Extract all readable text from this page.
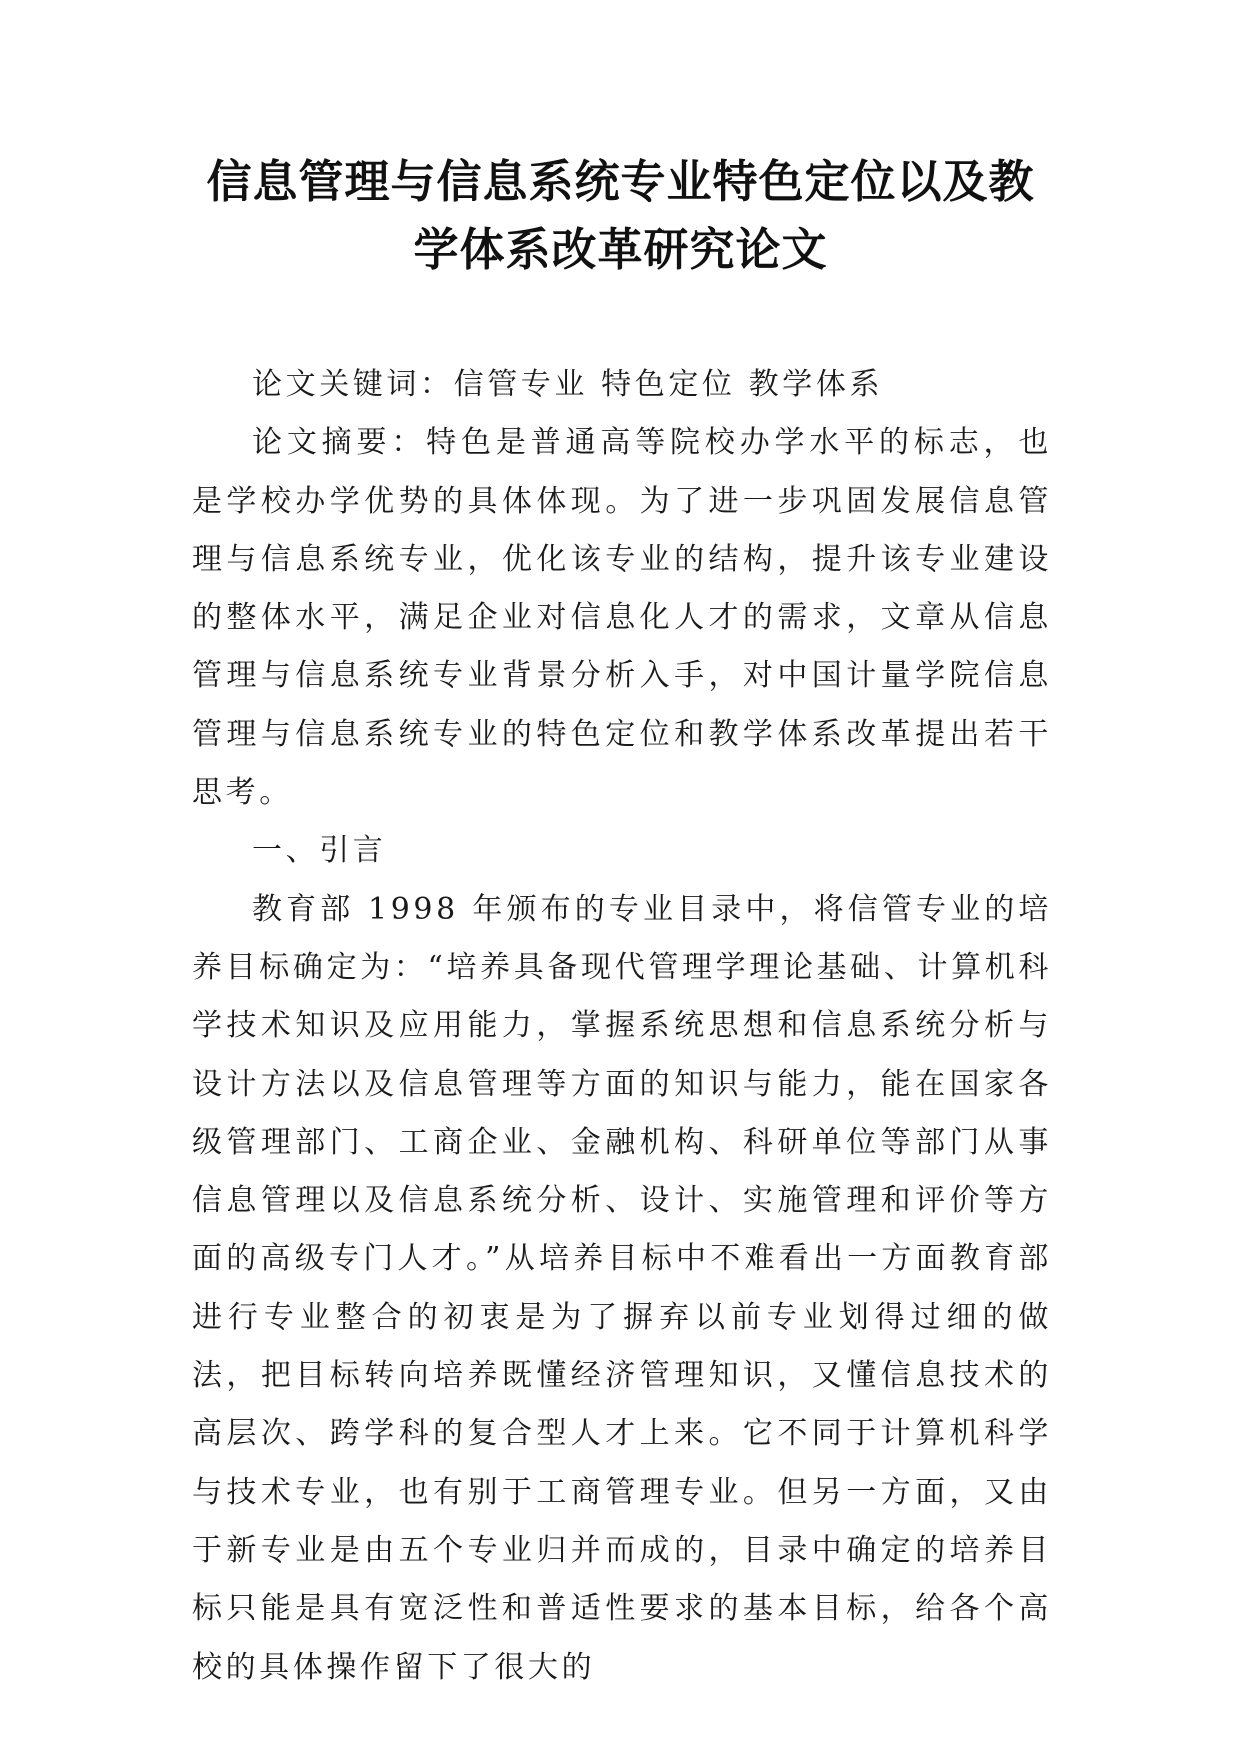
信息管理与信息系统专业特色定位以及教
学体系改革研究论文

论文关键词：信管专业 特色定位 教学体系

论文摘要：特色是普通高等院校办学水平的标志，也是学校办学优势的具体体现。为了进一步巩固发展信息管理与信息系统专业，优化该专业的结构，提升该专业建设的整体水平，满足企业对信息化人才的需求，文章从信息管理与信息系统专业背景分析入手，对中国计量学院信息管理与信息系统专业的特色定位和教学体系改革提出若干思考。

一、引言

教育部 1998 年颁布的专业目录中，将信管专业的培养目标确定为：“培养具备现代管理学理论基础、计算机科学技术知识及应用能力，掌握系统思想和信息系统分析与设计方法以及信息管理等方面的知识与能力，能在国家各级管理部门、工商企业、金融机构、科研单位等部门从事信息管理以及信息系统分析、设计、实施管理和评价等方面的高级专门人才。”从培养目标中不难看出一方面教育部进行专业整合的初衷是为了摒弃以前专业划得过细的做法，把目标转向培养既懂经济管理知识，又懂信息技术的高层次、跨学科的复合型人才上来。它不同于计算机科学与技术专业，也有别于工商管理专业。但另一方面，又由于新专业是由五个专业归并而成的，目录中确定的培养目标只能是具有宽泛性和普适性要求的基本目标，给各个高校的具体操作留下了很大的
